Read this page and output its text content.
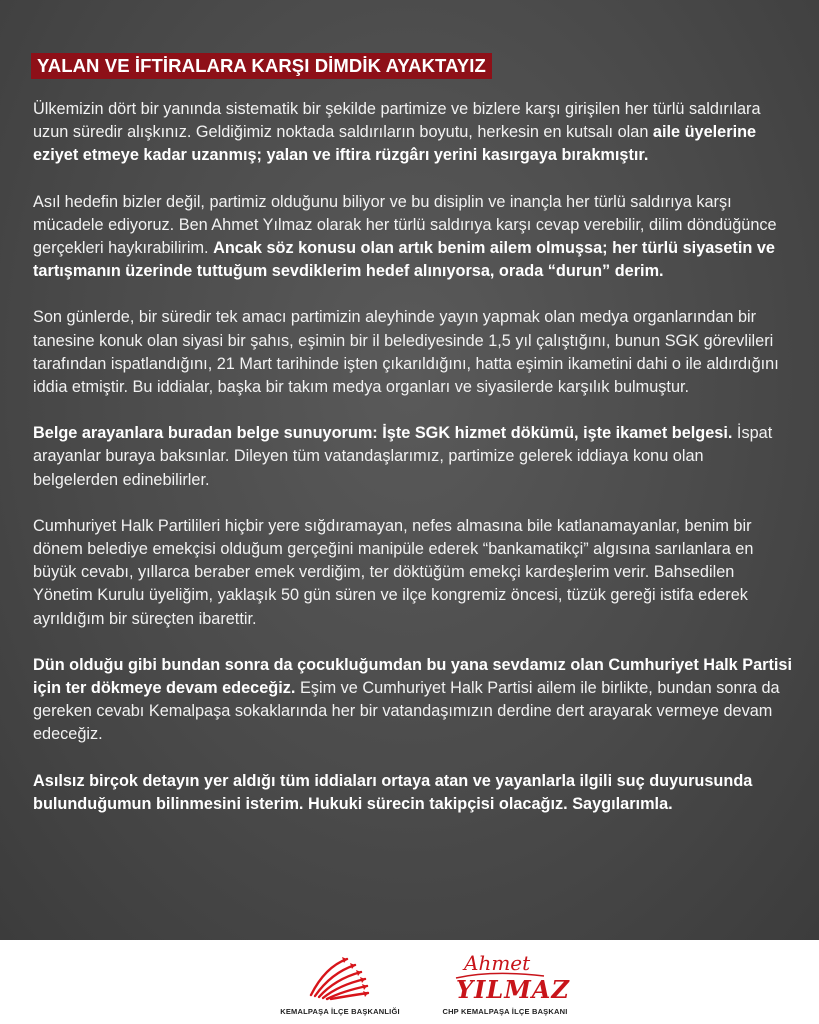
YALAN VE İFTİRALARA KARŞI DİMDİK AYAKTAYIZ

Ülkemizin dört bir yanında sistematik bir şekilde partimize ve bizlere karşı girişilen her türlü saldırılara uzun süredir alışkınız. Geldiğimiz noktada saldırıların boyutu, herkesin en kutsalı olan aile üyelerine eziyet etmeye kadar uzanmış; yalan ve iftira rüzgârı yerini kasırgaya bırakmıştır.

Asıl hedefin bizler değil, partimiz olduğunu biliyor ve bu disiplin ve inançla her türlü saldırıya karşı mücadele ediyoruz. Ben Ahmet Yılmaz olarak her türlü saldırıya karşı cevap verebilir, dilim döndüğünce gerçekleri haykırabilirim. Ancak söz konusu olan artık benim ailem olmuşsa; her türlü siyasetin ve tartışmanın üzerinde tuttuğum sevdiklerim hedef alınıyorsa, orada “durun” derim.

Son günlerde, bir süredir tek amacı partimizin aleyhinde yayın yapmak olan medya organlarından bir tanesine konuk olan siyasi bir şahıs, eşimin bir il belediyesinde 1,5 yıl çalıştığını, bunun SGK görevlileri tarafından ispatlandığını, 21 Mart tarihinde işten çıkarıldığını, hatta eşimin ikametini dahi o ile aldırdığını iddia etmiştir. Bu iddialar, başka bir takım medya organları ve siyasilerde karşılık bulmuştur.

Belge arayanlara buradan belge sunuyorum: İşte SGK hizmet dökümü, işte ikamet belgesi. İspat arayanlar buraya baksınlar. Dileyen tüm vatandaşlarımız, partimize gelerek iddiaya konu olan belgelerden edinebilirler.

Cumhuriyet Halk Partilileri hiçbir yere sığdıramayan, nefes almasına bile katlanamayanlar, benim bir dönem belediye emekçisi olduğum gerçeğini manipüle ederek “bankamatikçi” algısına sarılanlara en büyük cevabı, yıllarca beraber emek verdiğim, ter döktüğüm emekçi kardeşlerim verir. Bahsedilen Yönetim Kurulu üyeliğim, yaklaşık 50 gün süren ve ilçe kongremiz öncesi, tüzük gereği istifa ederek ayrıldığım bir süreçten ibarettir.

Dün olduğu gibi bundan sonra da çocukluğumdan bu yana sevdamız olan Cumhuriyet Halk Partisi için ter dökmeye devam edeceğiz. Eşim ve Cumhuriyet Halk Partisi ailem ile birlikte, bundan sonra da gereken cevabı Kemalpaşa sokaklarında her bir vatandaşımızın derdine dert arayarak vermeye devam edeceğiz.

Asılsız birçok detayın yer aldığı tüm iddiaları ortaya atan ve yayanlarla ilgili suç duyurusunda bulunduğumun bilinmesini isterim. Hukuki sürecin takipçisi olacağız. Saygılarımla.

KEMALPAŞA İLÇE BAŞKANLIĞI
Ahmet
YILMAZ
CHP KEMALPAŞA İLÇE BAŞKANI
